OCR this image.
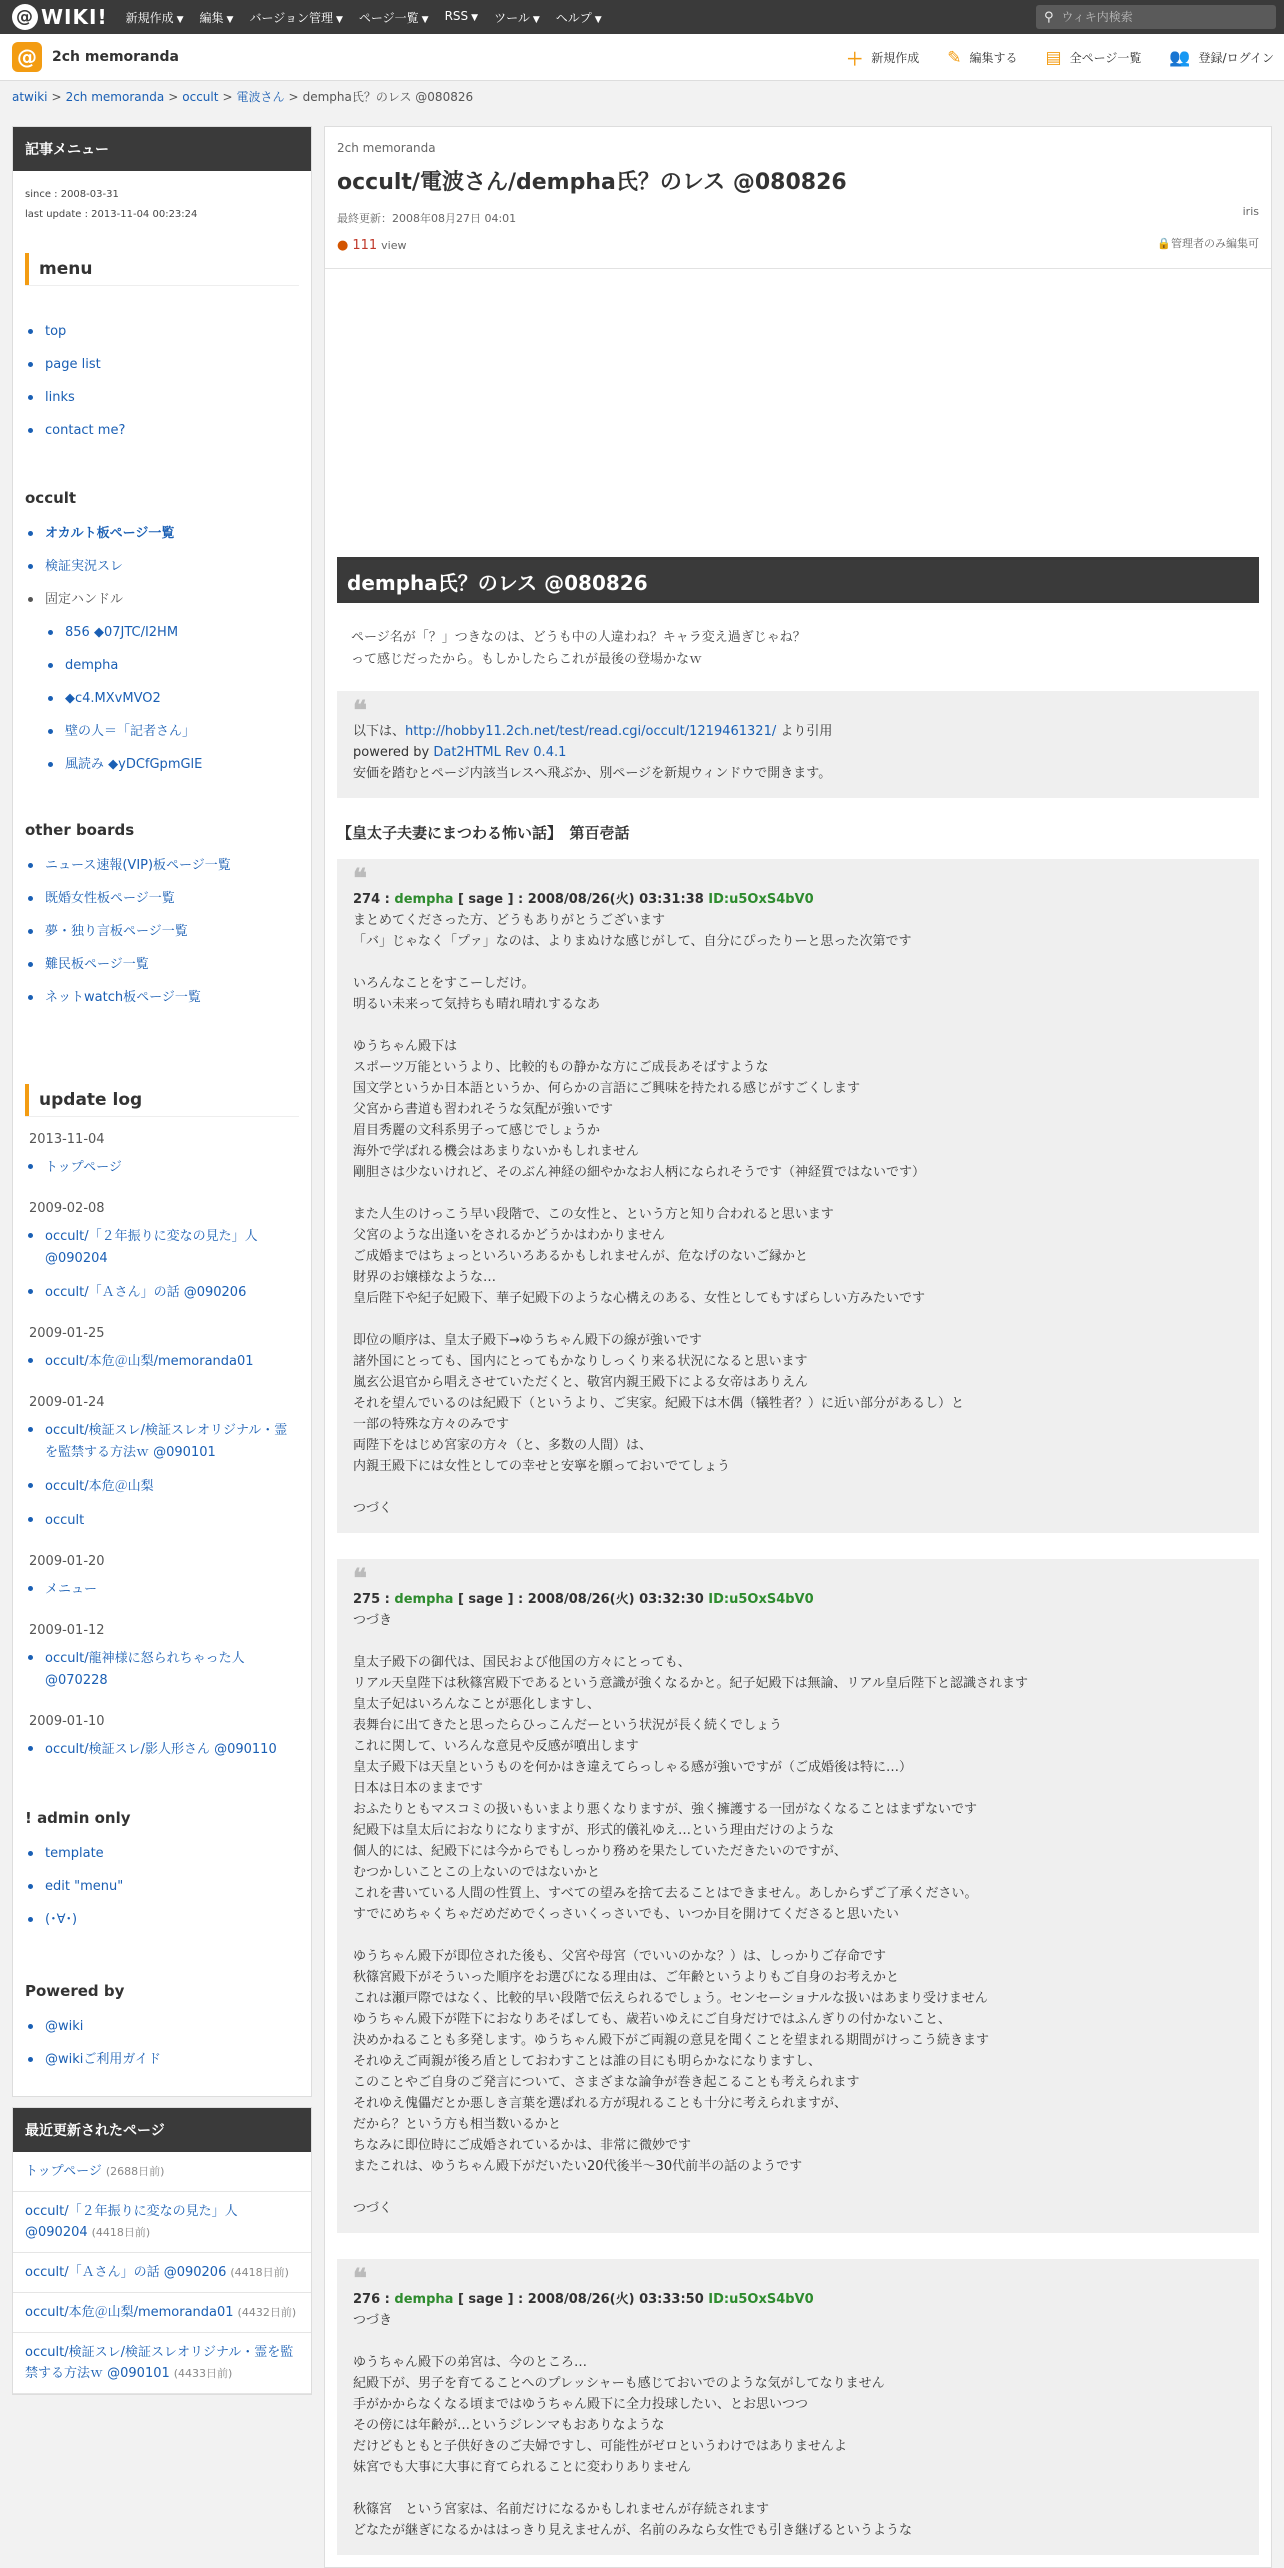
@ WIKI! 新規作成 ▼ 編集 ▼ バージョン管理 ▼ ページ一覧 ▼ RSS ▼ ツール ▼ ヘルプ ▼	⚲
ウィキ内検索
@	2ch memoranda	＋ 新規作成 ✎ 編集する ▤ 全ページ一覧 👥 登録/ログイン
atwiki > 2ch memoranda > occult > 電波さん > dempha氏？のレス @080826
記事メニュー
since : 2008-03-31
last update : 2013-11-04 00:23:24
menu
top
page list
links
contact me?
occult
オカルト板ページ一覧
検証実況スレ
固定ハンドル
856 ◆07JTC/I2HM
dempha
◆c4.MXvMVO2
壁の人＝「記者さん」
風読み ◆yDCfGpmGlE
other boards
ニュース速報(VIP)板ページ一覧
既婚女性板ページ一覧
夢・独り言板ページ一覧
難民板ページ一覧
ネットwatch板ページ一覧
update log
2013-11-04
トップページ
2009-02-08
occult/「２年振りに変なの見た」人 @090204
occult/「Ａさん」の話 @090206
2009-01-25
occult/本危＠山梨/memoranda01
2009-01-24
occult/検証スレ/検証スレオリジナル・霊を監禁する方法ｗ @090101
occult/本危＠山梨
occult
2009-01-20
メニュー
2009-01-12
occult/龍神様に怒られちゃった人 @070228
2009-01-10
occult/検証スレ/影人形さん @090110
! admin only
template
edit "menu"
(･∀･)
Powered by
@wiki
@wikiご利用ガイド
最近更新されたページ
トップページ (2688日前)
occult/「２年振りに変なの見た」人 @090204 (4418日前)
occult/「Ａさん」の話 @090206 (4418日前)
occult/本危＠山梨/memoranda01 (4432日前)
occult/検証スレ/検証スレオリジナル・霊を監禁する方法ｗ @090101 (4433日前)
2ch memoranda
occult/電波さん/dempha氏？のレス @080826
最終更新：2008年08月27日 04:01
iris
● 111 view	🔒管理者のみ編集可
dempha氏？のレス @080826
ページ名が「？」つきなのは、どうも中の人違わね？キャラ変え過ぎじゃね？
って感じだったから。もしかしたらこれが最後の登場かなｗ
❝
以下は、http://hobby11.2ch.net/test/read.cgi/occult/1219461321/ より引用
powered by Dat2HTML Rev 0.4.1
安価を踏むとページ内該当レスへ飛ぶか、別ページを新規ウィンドウで開きます。
【皇太子夫妻にまつわる怖い話】　第百壱話
❝
274 : dempha [ sage ] : 2008/08/26(火) 03:31:38 ID:u5OxS4bV0
まとめてくださった方、どうもありがとうございます
「バ」じゃなく「プァ」なのは、よりまぬけな感じがして、自分にぴったりーと思った次第です

いろんなことをすこーしだけ。
明るい未来って気持ちも晴れ晴れするなあ

ゆうちゃん殿下は
スポーツ万能というより、比較的もの静かな方にご成長あそばすような
国文学というか日本語というか、何らかの言語にご興味を持たれる感じがすごくします
父宮から書道も習われそうな気配が強いです
眉目秀麗の文科系男子って感じでしょうか
海外で学ばれる機会はあまりないかもしれません
剛胆さは少ないけれど、そのぶん神経の細やかなお人柄になられそうです（神経質ではないです）

また人生のけっこう早い段階で、この女性と、という方と知り合われると思います
父宮のような出逢いをされるかどうかはわかりません
ご成婚まではちょっといろいろあるかもしれませんが、危なげのないご縁かと
財界のお嬢様なような…
皇后陛下や紀子妃殿下、華子妃殿下のような心構えのある、女性としてもすばらしい方みたいです

即位の順序は、皇太子殿下→ゆうちゃん殿下の線が強いです
諸外国にとっても、国内にとってもかなりしっくり来る状況になると思います
嵐玄公退官から唱えさせていただくと、敬宮内親王殿下による女帝はありえん
それを望んでいるのは紀殿下（というより、ご実家。紀殿下は木偶（犠牲者？）に近い部分があるし）と
一部の特殊な方々のみです
両陛下をはじめ宮家の方々（と、多数の人間）は、
内親王殿下には女性としての幸せと安寧を願っておいでてしょう

つづく
❝
275 : dempha [ sage ] : 2008/08/26(火) 03:32:30 ID:u5OxS4bV0
つづき

皇太子殿下の御代は、国民および他国の方々にとっても、
リアル天皇陛下は秋篠宮殿下であるという意識が強くなるかと。紀子妃殿下は無論、リアル皇后陛下と認識されます
皇太子妃はいろんなことが悪化しますし、
表舞台に出てきたと思ったらひっこんだーという状況が長く続くでしょう
これに関して、いろんな意見や反感が噴出します
皇太子殿下は天皇というものを何かはき違えてらっしゃる感が強いですが（ご成婚後は特に…）
日本は日本のままです
おふたりともマスコミの扱いもいまより悪くなりますが、強く擁護する一団がなくなることはまずないです
紀殿下は皇太后におなりになりますが、形式的儀礼ゆえ…という理由だけのような
個人的には、紀殿下には今からでもしっかり務めを果たしていただきたいのですが、
むつかしいことこの上ないのではないかと
これを書いている人間の性質上、すべての望みを捨て去ることはできません。あしからずご了承ください。
すでにめちゃくちゃだめだめでくっさいくっさいでも、いつか目を開けてくださると思いたい

ゆうちゃん殿下が即位された後も、父宮や母宮（でいいのかな？）は、しっかりご存命です
秋篠宮殿下がそういった順序をお選びになる理由は、ご年齢というよりもご自身のお考えかと
これは瀬戸際ではなく、比較的早い段階で伝えられるでしょう。センセーショナルな扱いはあまり受けません
ゆうちゃん殿下が陛下におなりあそばしても、歳若いゆえにご自身だけではふんぎりの付かないこと、
決めかねることも多発します。ゆうちゃん殿下がご両親の意見を聞くことを望まれる期間がけっこう続きます
それゆえご両親が後ろ盾としておわすことは誰の目にも明らかなになりますし、
このことやご自身のご発言について、さまざまな論争が巻き起こることも考えられます
それゆえ傀儡だとか悪しき言葉を選ばれる方が現れることも十分に考えられますが、
だから？という方も相当数いるかと
ちなみに即位時にご成婚されているかは、非常に微妙です
またこれは、ゆうちゃん殿下がだいたい20代後半〜30代前半の話のようです

つづく
❝
276 : dempha [ sage ] : 2008/08/26(火) 03:33:50 ID:u5OxS4bV0
つづき

ゆうちゃん殿下の弟宮は、今のところ…
紀殿下が、男子を育てることへのプレッシャーも感じておいでのような気がしてなりません
手がかからなくなる頃まではゆうちゃん殿下に全力投球したい、とお思いつつ
その傍には年齢が…というジレンマもおありなような
だけどもともと子供好きのご夫婦ですし、可能性がゼロというわけではありませんよ
妹宮でも大事に大事に育てられることに変わりありません

秋篠宮　という宮家は、名前だけになるかもしれませんが存続されます
どなたが継ぎになるかははっきり見えませんが、名前のみなら女性でも引き継げるというような
